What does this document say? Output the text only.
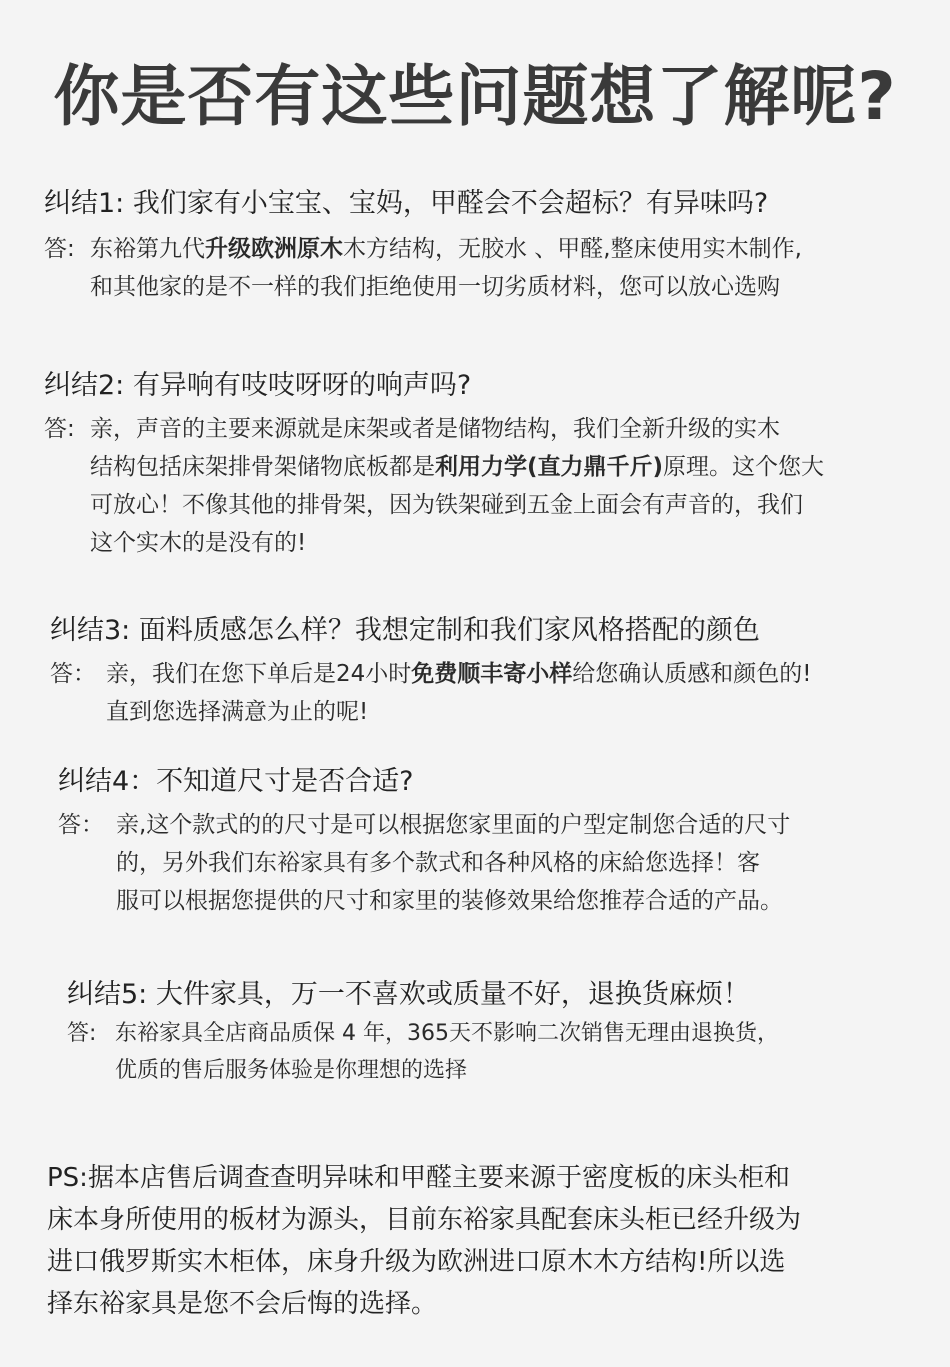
你是否有这些问题想了解呢?
纠结1: 我们家有小宝宝、宝妈，甲醛会不会超标？有异味吗?
答: 东裕第九代升级欧洲原木木方结构，无胶水 、甲醛,整床使用实木制作,
和其他家的是不一样的我们拒绝使用一切劣质材料，您可以放心选购
纠结2: 有异响有吱吱呀呀的响声吗?
答: 亲，声音的主要来源就是床架或者是储物结构，我们全新升级的实木
结构包括床架排骨架储物底板都是利用力学(直力鼎千斤)原理。这个您大
可放心！不像其他的排骨架，因为铁架碰到五金上面会有声音的，我们
这个实木的是没有的!
纠结3: 面料质感怎么样？我想定制和我们家风格搭配的颜色
答： 亲，我们在您下单后是24小时免费顺丰寄小样给您确认质感和颜色的!
直到您选择满意为止的呢!
纠结4：不知道尺寸是否合适?
答： 亲,这个款式的的尺寸是可以根据您家里面的户型定制您合适的尺寸
的，另外我们东裕家具有多个款式和各种风格的床給您选择！客
服可以根据您提供的尺寸和家里的装修效果给您推荐合适的产品。
纠结5: 大件家具，万一不喜欢或质量不好，退换货麻烦！
答: 东裕家具全店商品质保 4 年，365天不影响二次销售无理由退换货，
优质的售后服务体验是你理想的选择
PS:据本店售后调查查明异味和甲醛主要来源于密度板的床头柜和
床本身所使用的板材为源头，目前东裕家具配套床头柜已经升级为
进口俄罗斯实木柜体，床身升级为欧洲进口原木木方结构!所以选
择东裕家具是您不会后悔的选择。
